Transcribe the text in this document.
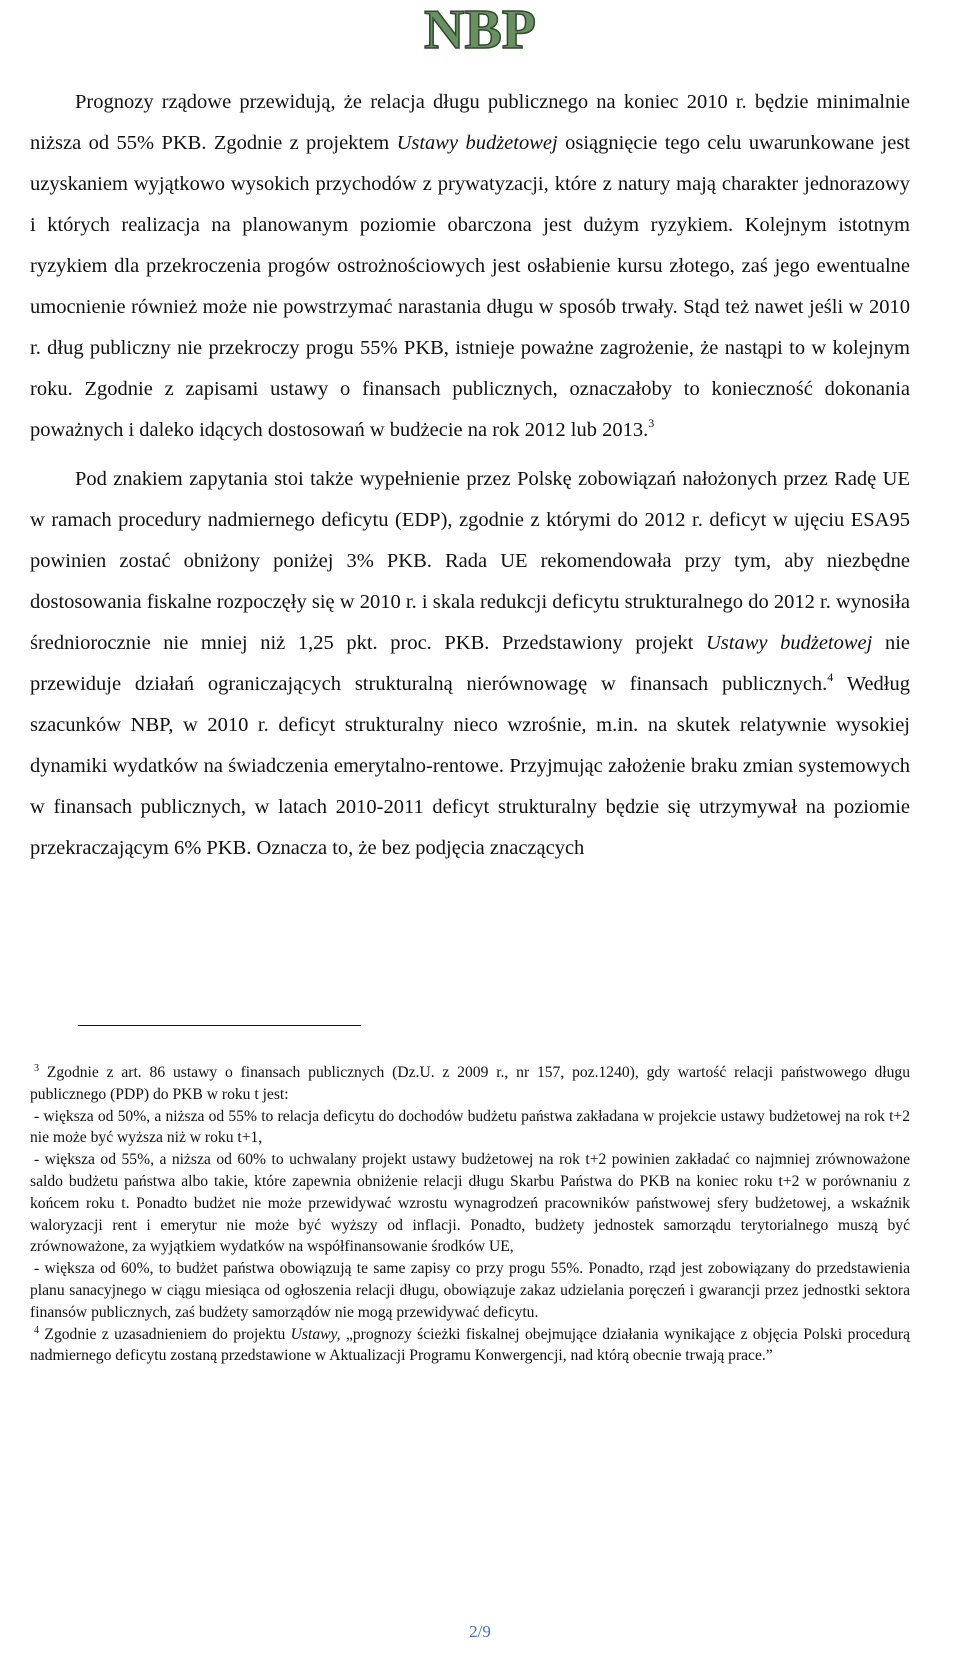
NBP

Prognozy rządowe przewidują, że relacja długu publicznego na koniec 2010 r. będzie minimalnie niższa od 55% PKB. Zgodnie z projektem Ustawy budżetowej osiągnięcie tego celu uwarunkowane jest uzyskaniem wyjątkowo wysokich przychodów z prywatyzacji, które z natury mają charakter jednorazowy i których realizacja na planowanym poziomie obarczona jest dużym ryzykiem. Kolejnym istotnym ryzykiem dla przekroczenia progów ostrożnościowych jest osłabienie kursu złotego, zaś jego ewentualne umocnienie również może nie powstrzymać narastania długu w sposób trwały. Stąd też nawet jeśli w 2010 r. dług publiczny nie przekroczy progu 55% PKB, istnieje poważne zagrożenie, że nastąpi to w kolejnym roku. Zgodnie z zapisami ustawy o finansach publicznych, oznaczałoby to konieczność dokonania poważnych i daleko idących dostosowań w budżecie na rok 2012 lub 2013.$^3$

Pod znakiem zapytania stoi także wypełnienie przez Polskę zobowiązań nałożonych przez Radę UE w ramach procedury nadmiernego deficytu (EDP), zgodnie z którymi do 2012 r. deficyt w ujęciu ESA95 powinien zostać obniżony poniżej 3% PKB. Rada UE rekomendowała przy tym, aby niezbędne dostosowania fiskalne rozpoczęły się w 2010 r. i skala redukcji deficytu strukturalnego do 2012 r. wynosiła średniorocznie nie mniej niż 1,25 pkt. proc. PKB. Przedstawiony projekt Ustawy budżetowej nie przewiduje działań ograniczających strukturalną nierównowagę w finansach publicznych.$^4$ Według szacunków NBP, w 2010 r. deficyt strukturalny nieco wzrośnie, m.in. na skutek relatywnie wysokiej dynamiki wydatków na świadczenia emerytalno-rentowe. Przyjmując założenie braku zmian systemowych w finansach publicznych, w latach 2010-2011 deficyt strukturalny będzie się utrzymywał na poziomie przekraczającym 6% PKB. Oznacza to, że bez podjęcia znaczących

$^3$ Zgodnie z art. 86 ustawy o finansach publicznych (Dz.U. z 2009 r., nr 157, poz.1240), gdy wartość relacji państwowego długu publicznego (PDP) do PKB w roku t jest:

- większa od 50%, a niższa od 55% to relacja deficytu do dochodów budżetu państwa zakładana w projekcie ustawy budżetowej na rok t+2 nie może być wyższa niż w roku t+1,

- większa od 55%, a niższa od 60% to uchwalany projekt ustawy budżetowej na rok t+2 powinien zakładać co najmniej zrównoważone saldo budżetu państwa albo takie, które zapewnia obniżenie relacji długu Skarbu Państwa do PKB na koniec roku t+2 w porównaniu z końcem roku t. Ponadto budżet nie może przewidywać wzrostu wynagrodzeń pracowników państwowej sfery budżetowej, a wskaźnik waloryzacji rent i emerytur nie może być wyższy od inflacji. Ponadto, budżety jednostek samorządu terytorialnego muszą być zrównoważone, za wyjątkiem wydatków na współfinansowanie środków UE,

- większa od 60%, to budżet państwa obowiązują te same zapisy co przy progu 55%. Ponadto, rząd jest zobowiązany do przedstawienia planu sanacyjnego w ciągu miesiąca od ogłoszenia relacji długu, obowiązuje zakaz udzielania poręczeń i gwarancji przez jednostki sektora finansów publicznych, zaś budżety samorządów nie mogą przewidywać deficytu.

$^4$ Zgodnie z uzasadnieniem do projektu Ustawy, „prognozy ścieżki fiskalnej obejmujące działania wynikające z objęcia Polski procedurą nadmiernego deficytu zostaną przedstawione w Aktualizacji Programu Konwergencji, nad którą obecnie trwają prace.”

2/9
